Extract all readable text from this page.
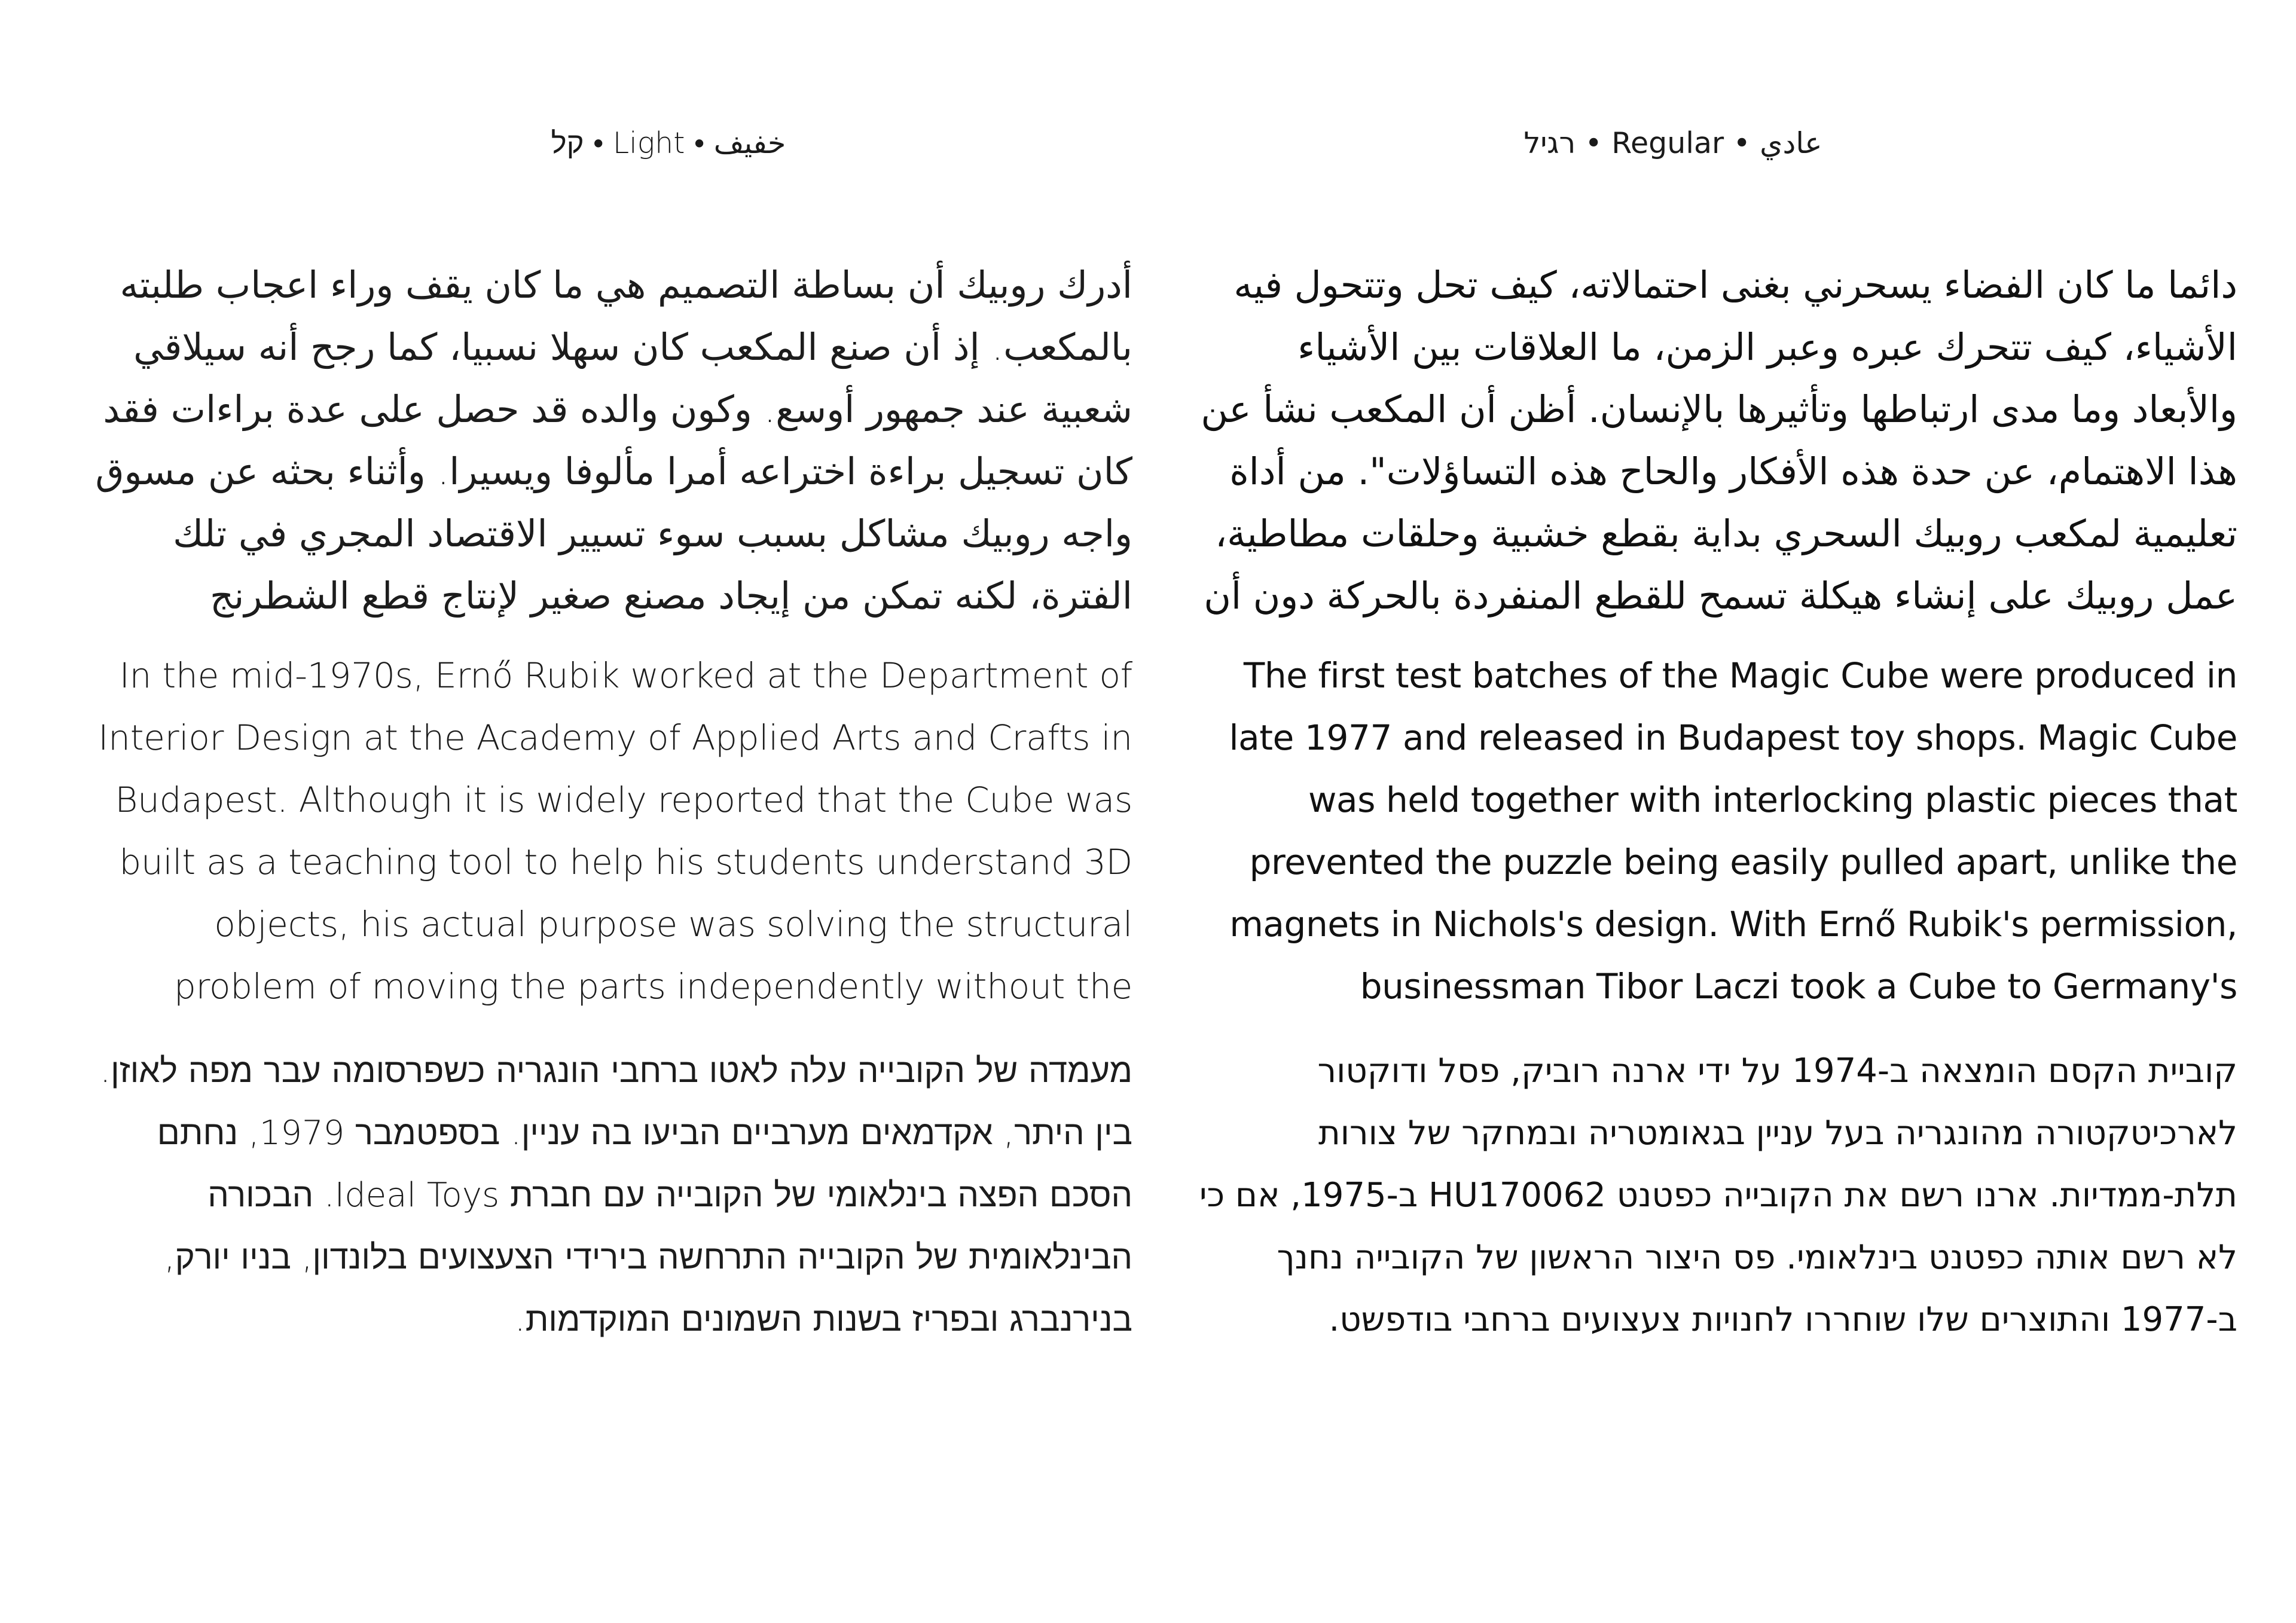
خفيف • Light • קל

أدرك روبيك أن بساطة التصميم هي ما كان يقف وراء اعجاب طلبته بالمكعب. إذ أن صنع المكعب كان سهلا نسبيا، كما رجح أنه سيلاقي شعبية عند جمهور أوسع. وكون والده قد حصل على عدة براءات فقد كان تسجيل براءة اختراعه أمرا مألوفا ويسيرا. وأثناء بحثه عن مسوق واجه روبيك مشاكل بسبب سوء تسيير الاقتصاد المجري في تلك الفترة، لكنه تمكن من إيجاد مصنع صغير لإنتاج قطع الشطرنج

In the mid-1970s, Ernő Rubik worked at the Department of Interior Design at the Academy of Applied Arts and Crafts in Budapest. Although it is widely reported that the Cube was built as a teaching tool to help his students understand 3D objects, his actual purpose was solving the structural problem of moving the parts independently without the

מעמדה של הקובייה עלה לאטו ברחבי הונגריה כשפרסומה עבר מפה לאוזן. בין היתר, אקדמאים מערביים הביעו בה עניין. בספטמבר 1979, נחתם הסכם הפצה בינלאומי של הקובייה עם חברת Ideal Toys. הבכורה הבינלאומית של הקובייה התרחשה בירידי הצעצועים בלונדון, בניו יורק, בנירנברג ובפריז בשנות השמונים המוקדמות.

عادي • Regular • רגיל

دائما ما كان الفضاء يسحرني بغنى احتمالاته، كيف تحل وتتحول فيه الأشياء، كيف تتحرك عبره وعبر الزمن، ما العلاقات بين الأشياء والأبعاد وما مدى ارتباطها وتأثيرها بالإنسان. أظن أن المكعب نشأ عن هذا الاهتمام، عن حدة هذه الأفكار والحاح هذه التساؤلات". من أداة تعليمية لمكعب روبيك السحري بداية بقطع خشبية وحلقات مطاطية، عمل روبيك على إنشاء هيكلة تسمح للقطع المنفردة بالحركة دون أن

The first test batches of the Magic Cube were produced in late 1977 and released in Budapest toy shops. Magic Cube was held together with interlocking plastic pieces that prevented the puzzle being easily pulled apart, unlike the magnets in Nichols's design. With Ernő Rubik's permission, businessman Tibor Laczi took a Cube to Germany's

קוביית הקסם הומצאה ב-1974 על ידי ארנה רוביק, פסל ודוקטור לארכיטקטורה מהונגריה בעל עניין בגאומטריה ובמחקר של צורות תלת-ממדיות. ארנו רשם את הקובייה כפטנט HU170062 ב-1975, אם כי לא רשם אותה כפטנט בינלאומי. פס היצור הראשון של הקובייה נחנך ב-1977 והתוצרים שלו שוחררו לחנויות צעצועים ברחבי בודפשט.
